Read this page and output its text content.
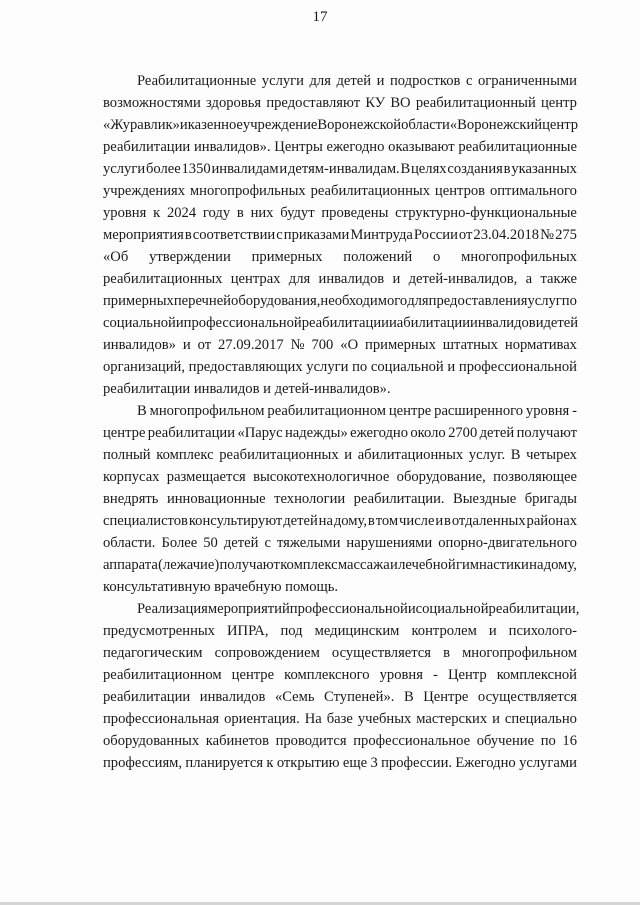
17
Реабилитационные услуги для детей и подростков с ограниченными
возможностями здоровья предоставляют КУ ВО реабилитационный центр
«Журавлик» и казенное учреждение Воронежской области «Воронежский центр
реабилитации инвалидов». Центры ежегодно оказывают реабилитационные
услуги более 1350 инвалидам и детям-инвалидам. В целях создания в указанных
учреждениях многопрофильных реабилитационных центров оптимального
уровня к 2024 году в них будут проведены структурно-функциональные
мероприятия в соответствии с приказами Минтруда России от 23.04.2018 № 275
«Об утверждении примерных положений о многопрофильных
реабилитационных центрах для инвалидов и детей-инвалидов, а также
примерных перечней оборудования, необходимого для предоставления услуг по
социальной и профессиональной реабилитации и абилитации инвалидов и детей
инвалидов» и от 27.09.2017 № 700 «О примерных штатных нормативах
организаций, предоставляющих услуги по социальной и профессиональной
реабилитации инвалидов и детей-инвалидов».
В многопрофильном реабилитационном центре расширенного уровня -
центре реабилитации «Парус надежды» ежегодно около 2700 детей получают
полный комплекс реабилитационных и абилитационных услуг. В четырех
корпусах размещается высокотехнологичное оборудование, позволяющее
внедрять инновационные технологии реабилитации. Выездные бригады
специалистов консультируют детей на дому, в том числе и в отдаленных районах
области. Более 50 детей с тяжелыми нарушениями опорно-двигательного
аппарата (лежачие) получают комплекс массажа и лечебной гимнастики на дому,
консультативную врачебную помощь.
Реализация мероприятий профессиональной и социальной реабилитации,
предусмотренных ИПРА, под медицинским контролем и психолого-
педагогическим сопровождением осуществляется в многопрофильном
реабилитационном центре комплексного уровня - Центр комплексной
реабилитации инвалидов «Семь Ступеней». В Центре осуществляется
профессиональная ориентация. На базе учебных мастерских и специально
оборудованных кабинетов проводится профессиональное обучение по 16
профессиям, планируется к открытию еще 3 профессии. Ежегодно услугами
